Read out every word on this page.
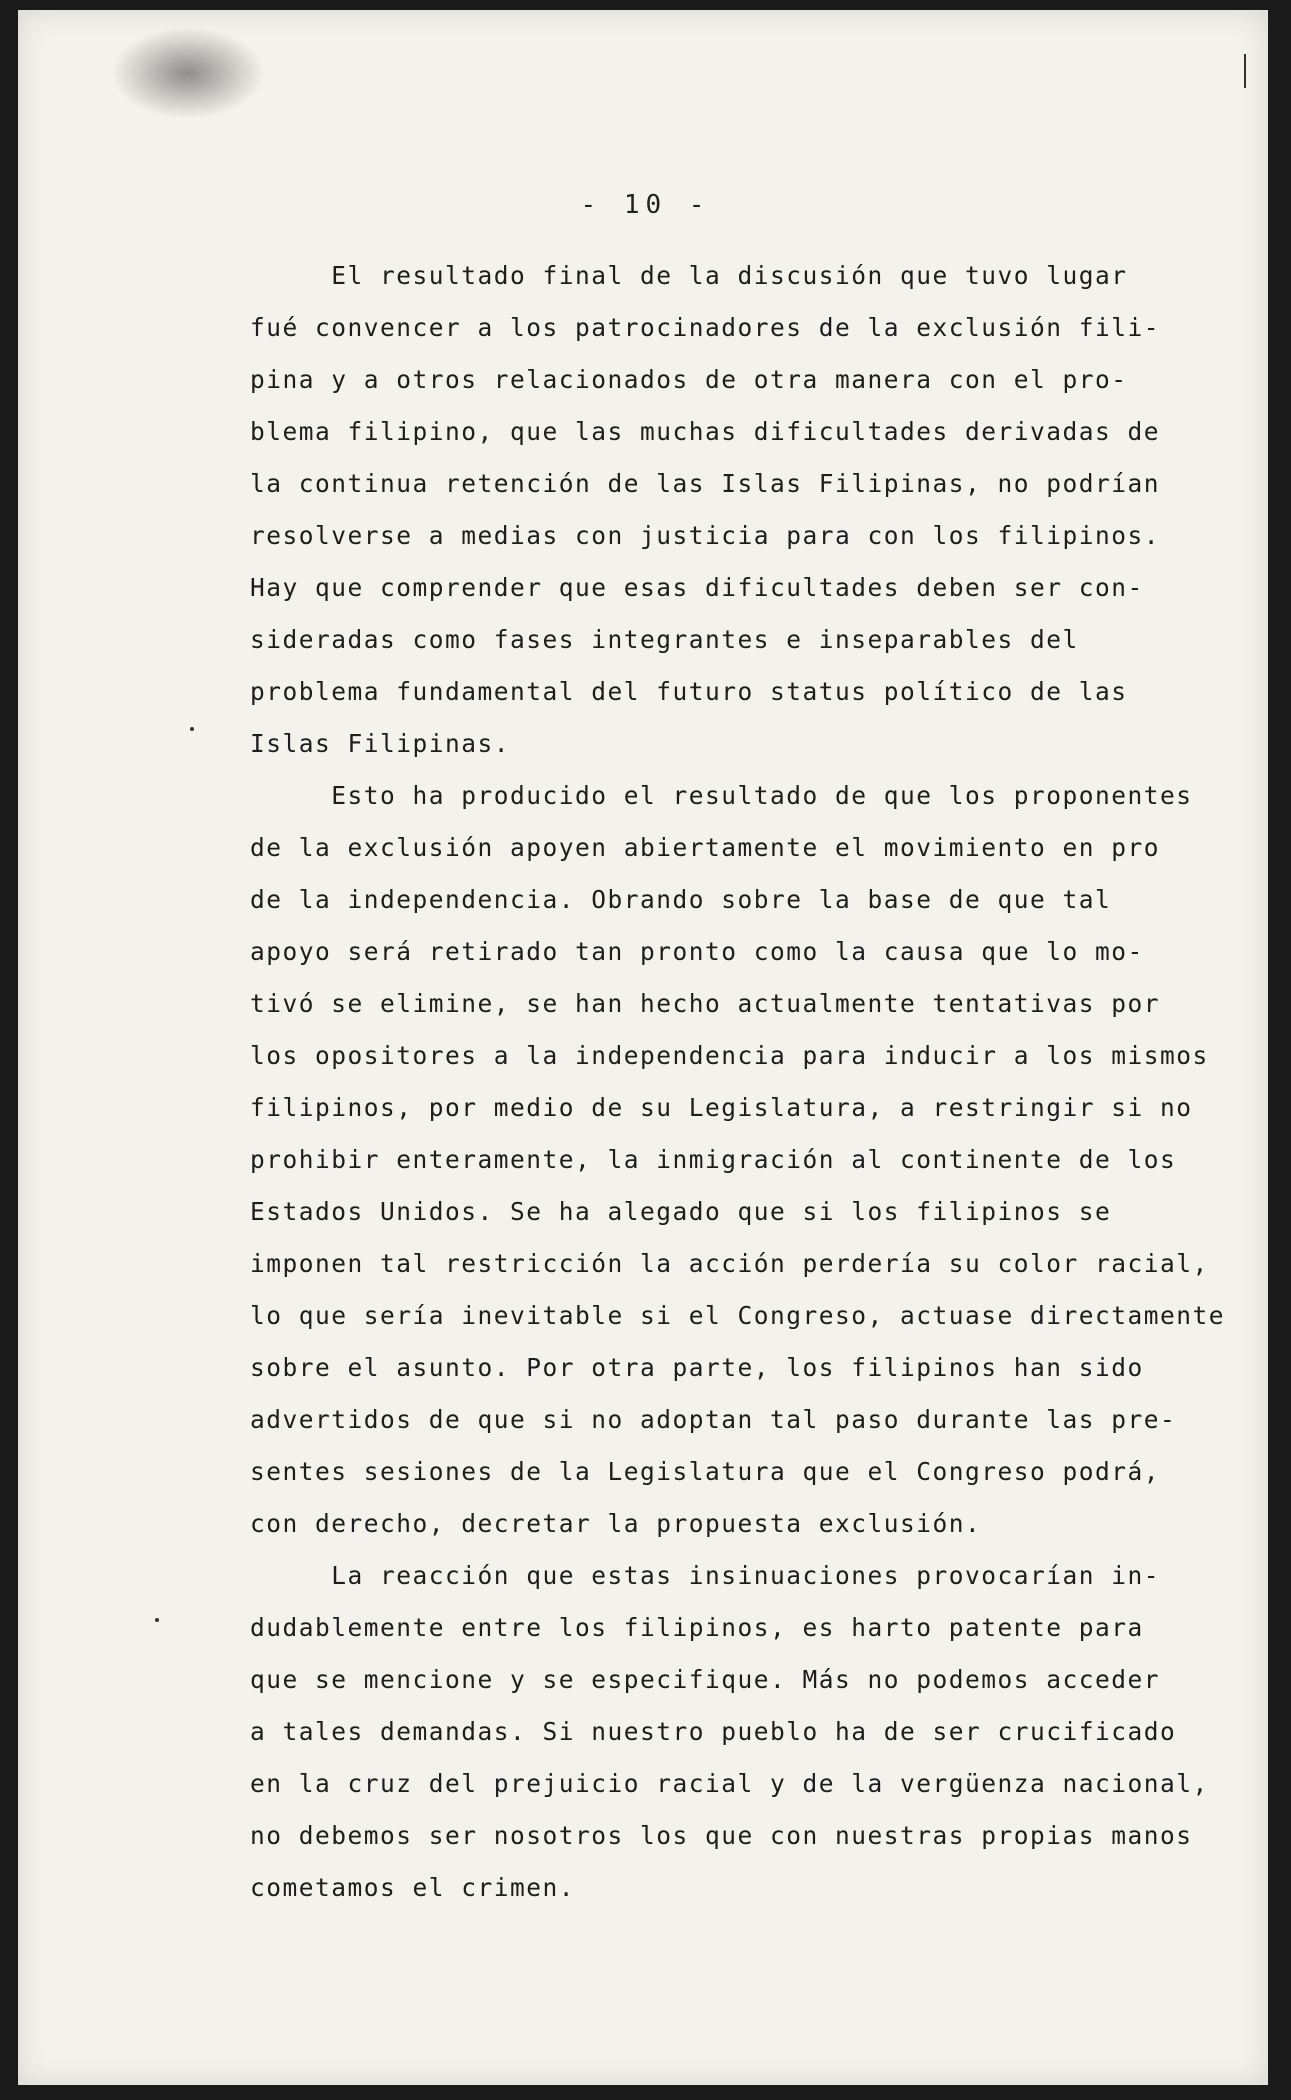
- 10 -
El resultado final de la discusión que tuvo lugar
fué convencer a los patrocinadores de la exclusión fili-
pina y a otros relacionados de otra manera con el pro-
blema filipino, que las muchas dificultades derivadas de
la continua retención de las Islas Filipinas, no podrían
resolverse a medias con justicia para con los filipinos.
Hay que comprender que esas dificultades deben ser con-
sideradas como fases integrantes e inseparables del
problema fundamental del futuro status político de las
Islas Filipinas.
Esto ha producido el resultado de que los proponentes
de la exclusión apoyen abiertamente el movimiento en pro
de la independencia. Obrando sobre la base de que tal
apoyo será retirado tan pronto como la causa que lo mo-
tivó se elimine, se han hecho actualmente tentativas por
los opositores a la independencia para inducir a los mismos
filipinos, por medio de su Legislatura, a restringir si no
prohibir enteramente, la inmigración al continente de los
Estados Unidos. Se ha alegado que si los filipinos se
imponen tal restricción la acción perdería su color racial,
lo que sería inevitable si el Congreso, actuase directamente
sobre el asunto. Por otra parte, los filipinos han sido
advertidos de que si no adoptan tal paso durante las pre-
sentes sesiones de la Legislatura que el Congreso podrá,
con derecho, decretar la propuesta exclusión.
La reacción que estas insinuaciones provocarían in-
dudablemente entre los filipinos, es harto patente para
que se mencione y se especifique. Más no podemos acceder
a tales demandas. Si nuestro pueblo ha de ser crucificado
en la cruz del prejuicio racial y de la vergüenza nacional,
no debemos ser nosotros los que con nuestras propias manos
cometamos el crimen.
